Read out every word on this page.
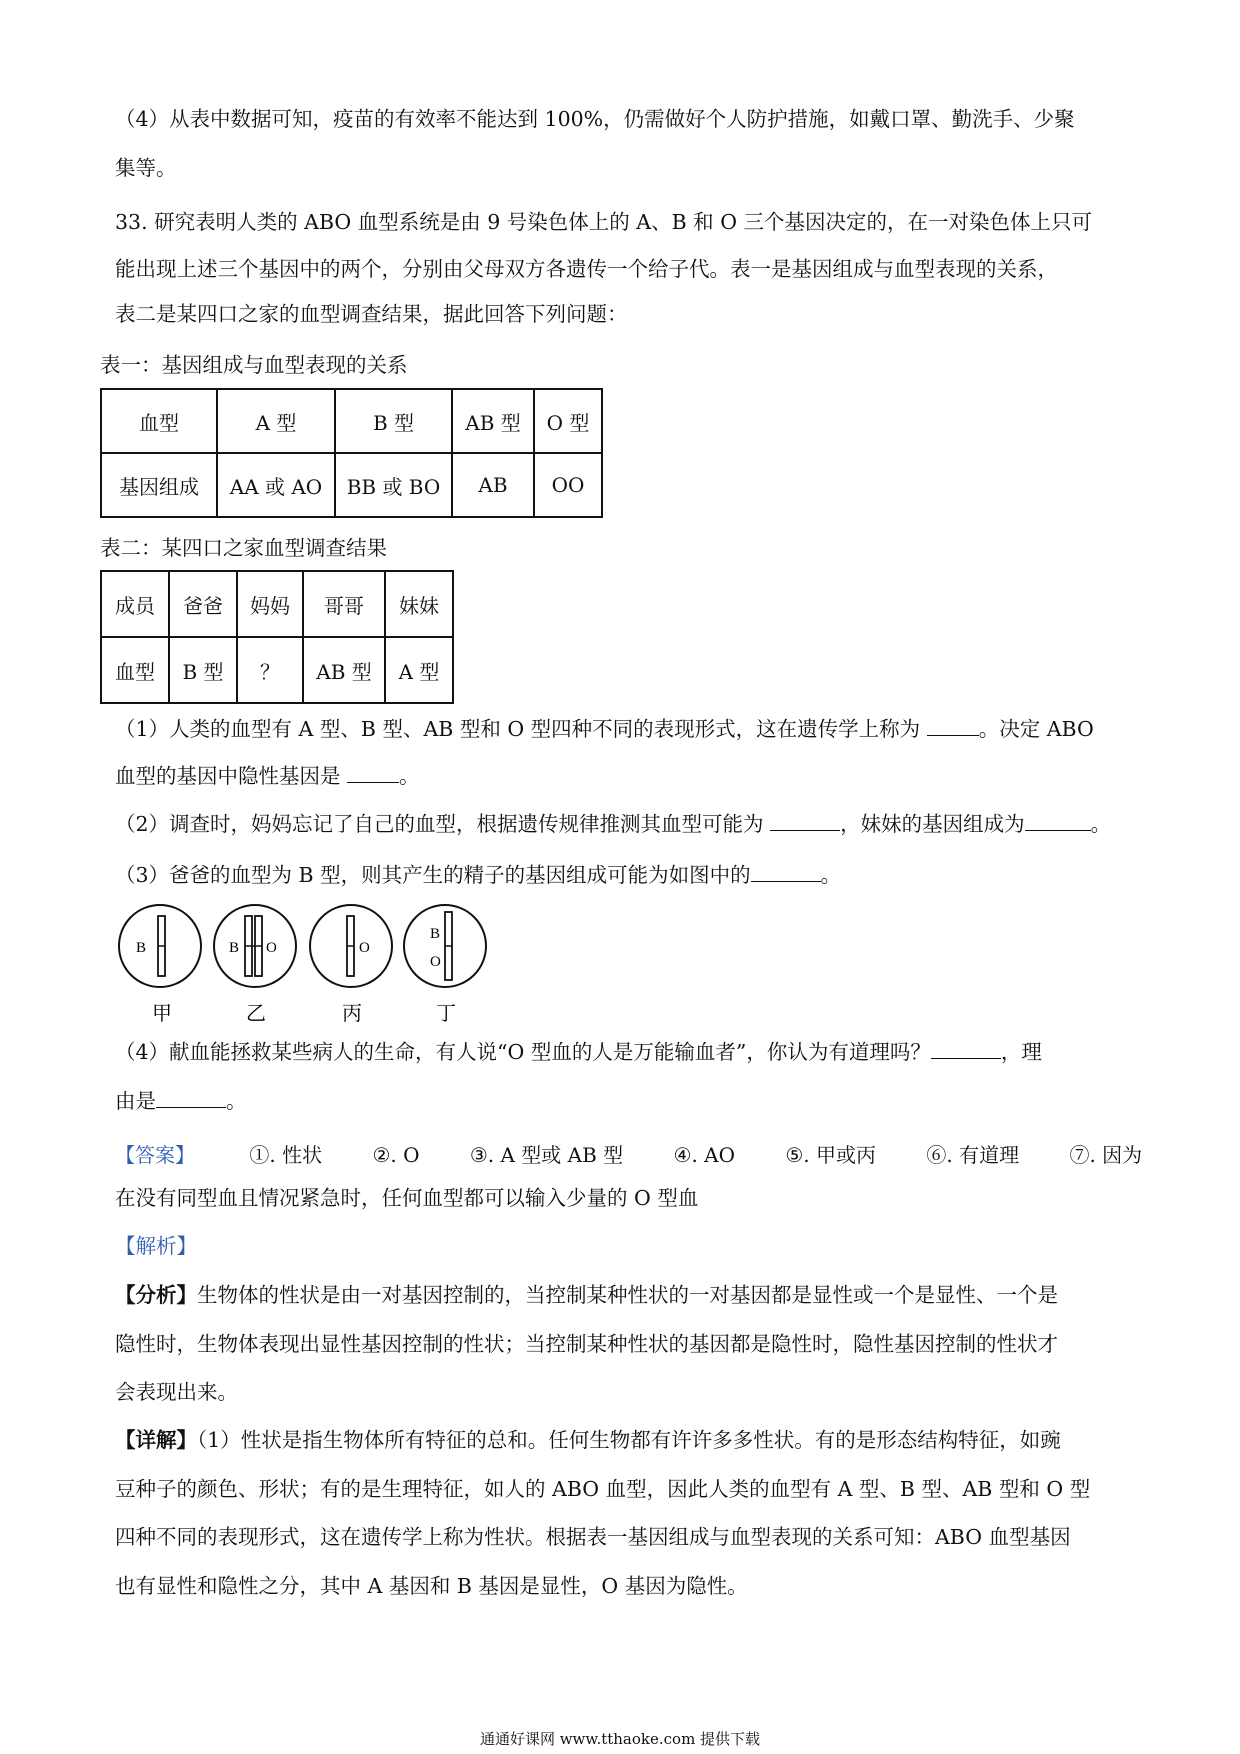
（4）从表中数据可知，疫苗的有效率不能达到 100%，仍需做好个人防护措施，如戴口罩、勤洗手、少聚

集等。

33. 研究表明人类的 ABO 血型系统是由 9 号染色体上的 A、B 和 O 三个基因决定的，在一对染色体上只可

能出现上述三个基因中的两个，分别由父母双方各遗传一个给子代。表一是基因组成与血型表现的关系，

表二是某四口之家的血型调查结果，据此回答下列问题：

表一：基因组成与血型表现的关系

血型	A 型	B 型	AB 型	O 型
基因组成	AA 或 AO	BB 或 BO	AB	OO

表二：某四口之家血型调查结果

成员	爸爸	妈妈	哥哥	妹妹
血型	B 型	？	AB 型	A 型

（1）人类的血型有 A 型、B 型、AB 型和 O 型四种不同的表现形式，这在遗传学上称为	。决定 ABO

血型的基因中隐性基因是	。

（2）调查时，妈妈忘记了自己的血型，根据遗传规律推测其血型可能为	，妹妹的基因组成为	。

（3）爸爸的血型为 B 型，则其产生的精子的基因组成可能为如图中的	。

B	B O	O
B
O
甲	乙	丙	丁

（4）献血能拯救某些病人的生命，有人说“O 型血的人是万能输血者”，你认为有道理吗？	，理

由是	。

【答案】	①. 性状	②. O	③. A 型或 AB 型	④. AO	⑤. 甲或丙	⑥. 有道理	⑦. 因为

在没有同型血且情况紧急时，任何血型都可以输入少量的 O 型血

【解析】

【分析】生物体的性状是由一对基因控制的，当控制某种性状的一对基因都是显性或一个是显性、一个是

隐性时，生物体表现出显性基因控制的性状；当控制某种性状的基因都是隐性时，隐性基因控制的性状才

会表现出来。

【详解】（1）性状是指生物体所有特征的总和。任何生物都有许许多多性状。有的是形态结构特征，如豌

豆种子的颜色、形状；有的是生理特征，如人的 ABO 血型，因此人类的血型有 A 型、B 型、AB 型和 O 型

四种不同的表现形式，这在遗传学上称为性状。根据表一基因组成与血型表现的关系可知：ABO 血型基因

也有显性和隐性之分，其中 A 基因和 B 基因是显性，O 基因为隐性。

通通好课网 www.tthaoke.com 提供下载
